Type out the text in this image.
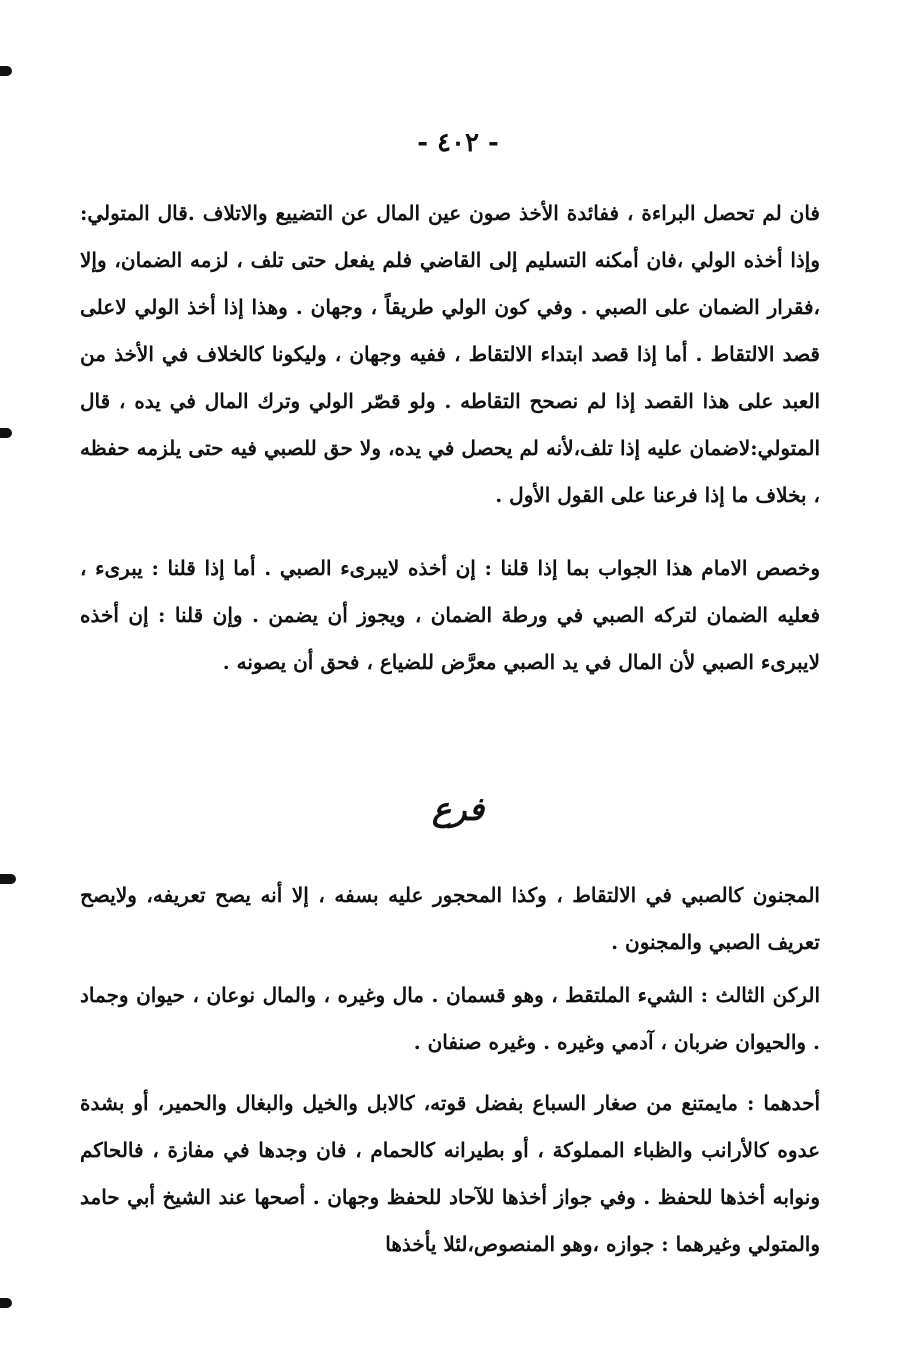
- ٤٠٢ -

فان لم تحصل البراءة ، ففائدة الأخذ صون عين المال عن التضييع والاتلاف .قال المتولي: وإذا أخذه الولي ،فان أمكنه التسليم إلى القاضي فلم يفعل حتى تلف ، لزمه الضمان، وإلا ،فقرار الضمان على الصبي . وفي كون الولي طريقاً ، وجهان . وهذا إذا أخذ الولي لاعلى قصد الالتقاط . أما إذا قصد ابتداء الالتقاط ، ففيه وجهان ، وليكونا كالخلاف في الأخذ من العبد على هذا القصد إذا لم نصحح التقاطه . ولو قصّر الولي وترك المال في يده ، قال المتولي:لاضمان عليه إذا تلف،لأنه لم يحصل في يده، ولا حق للصبي فيه حتى يلزمه حفظه ، بخلاف ما إذا فرعنا على القول الأول .

وخصص الامام هذا الجواب بما إذا قلنا : إن أخذه لايبرىء الصبي . أما إذا قلنا : يبرىء ، فعليه الضمان لتركه الصبي في ورطة الضمان ، ويجوز أن يضمن . وإن قلنا : إن أخذه لايبرىء الصبي لأن المال في يد الصبي معرَّض للضياع ، فحق أن يصونه .

فرع

المجنون كالصبي في الالتقاط ، وكذا المحجور عليه بسفه ، إلا أنه يصح تعريفه، ولايصح تعريف الصبي والمجنون .

الركن الثالث : الشيء الملتقط ، وهو قسمان . مال وغيره ، والمال نوعان ، حيوان وجماد . والحيوان ضربان ، آدمي وغيره . وغيره صنفان .

أحدهما : مايمتنع من صغار السباع بفضل قوته، كالابل والخيل والبغال والحمير، أو بشدة عدوه كالأرانب والظباء المملوكة ، أو بطيرانه كالحمام ، فان وجدها في مفازة ، فالحاكم ونوابه أخذها للحفظ . وفي جواز أخذها للآحاد للحفظ وجهان . أصحها عند الشيخ أبي حامد والمتولي وغيرهما : جوازه ،وهو المنصوص،لئلا يأخذها
